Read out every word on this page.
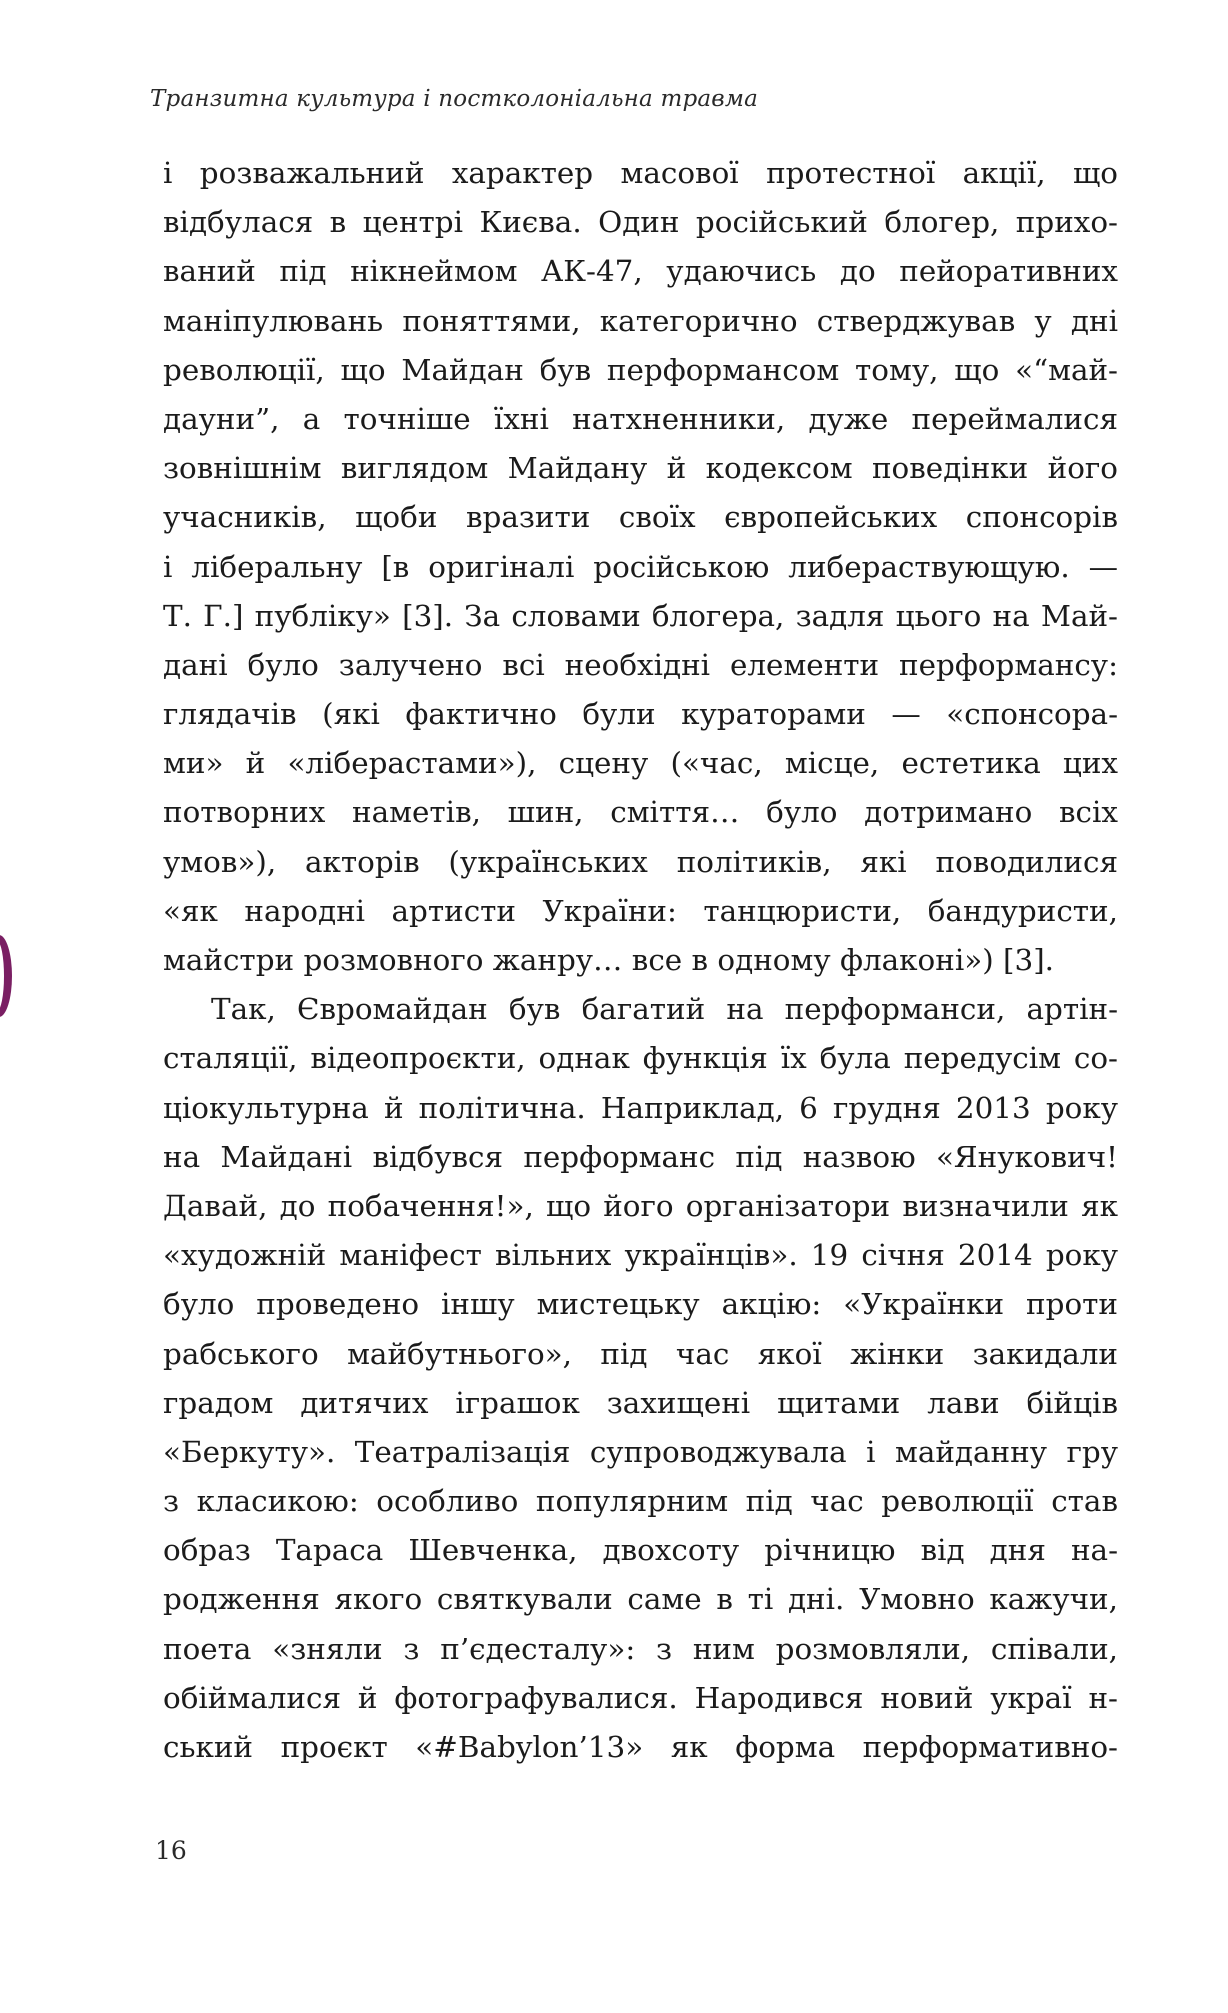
Транзитна культура і постколоніальна травма
і розважальний характер масової протестної акції, що
відбулася в центрі Києва. Один російський блогер, прихо-
ваний під нікнеймом АК-47, удаючись до пейоративних
маніпулювань поняттями, категорично стверджував у дні
революції, що Майдан був перформансом тому, що «“май-
дауни”, а точніше їхні натхненники, дуже переймалися
зовнішнім виглядом Майдану й кодексом поведінки його
учасників, щоби вразити своїх європейських спонсорів
і ліберальну [в оригіналі російською либераствующую. —
Т. Г.] публіку» [3]. За словами блогера, задля цього на Май-
дані було залучено всі необхідні елементи перформансу:
глядачів (які фактично були кураторами — «спонсора-
ми» й «ліберастами»), сцену («час, місце, естетика цих
потворних наметів, шин, сміття… було дотримано всіх
умов»), акторів (українських політиків, які поводилися
«як народні артисти України: танцюристи, бандуристи,
майстри розмовного жанру… все в одному флаконі») [3].
Так, Євромайдан був багатий на перформанси, артін-
сталяції, відеопроєкти, однак функція їх була передусім со-
ціокультурна й політична. Наприклад, 6 грудня 2013 року
на Майдані відбувся перформанс під назвою «Янукович!
Давай, до побачення!», що його організатори визначили як
«художній маніфест вільних українців». 19 січня 2014 року
було проведено іншу мистецьку акцію: «Українки проти
рабського майбутнього», під час якої жінки закидали
градом дитячих іграшок захищені щитами лави бійців
«Беркуту». Театралізація супроводжувала і майданну гру
з класикою: особливо популярним під час революції став
образ Тараса Шевченка, двохсоту річницю від дня на-
родження якого святкували саме в ті дні. Умовно кажучи,
поета «зняли з п’єдесталу»: з ним розмовляли, співали,
обіймалися й фотографувалися. Народився новий украї н-
ський проєкт «#Babylon’13» як форма перформативно-
16
